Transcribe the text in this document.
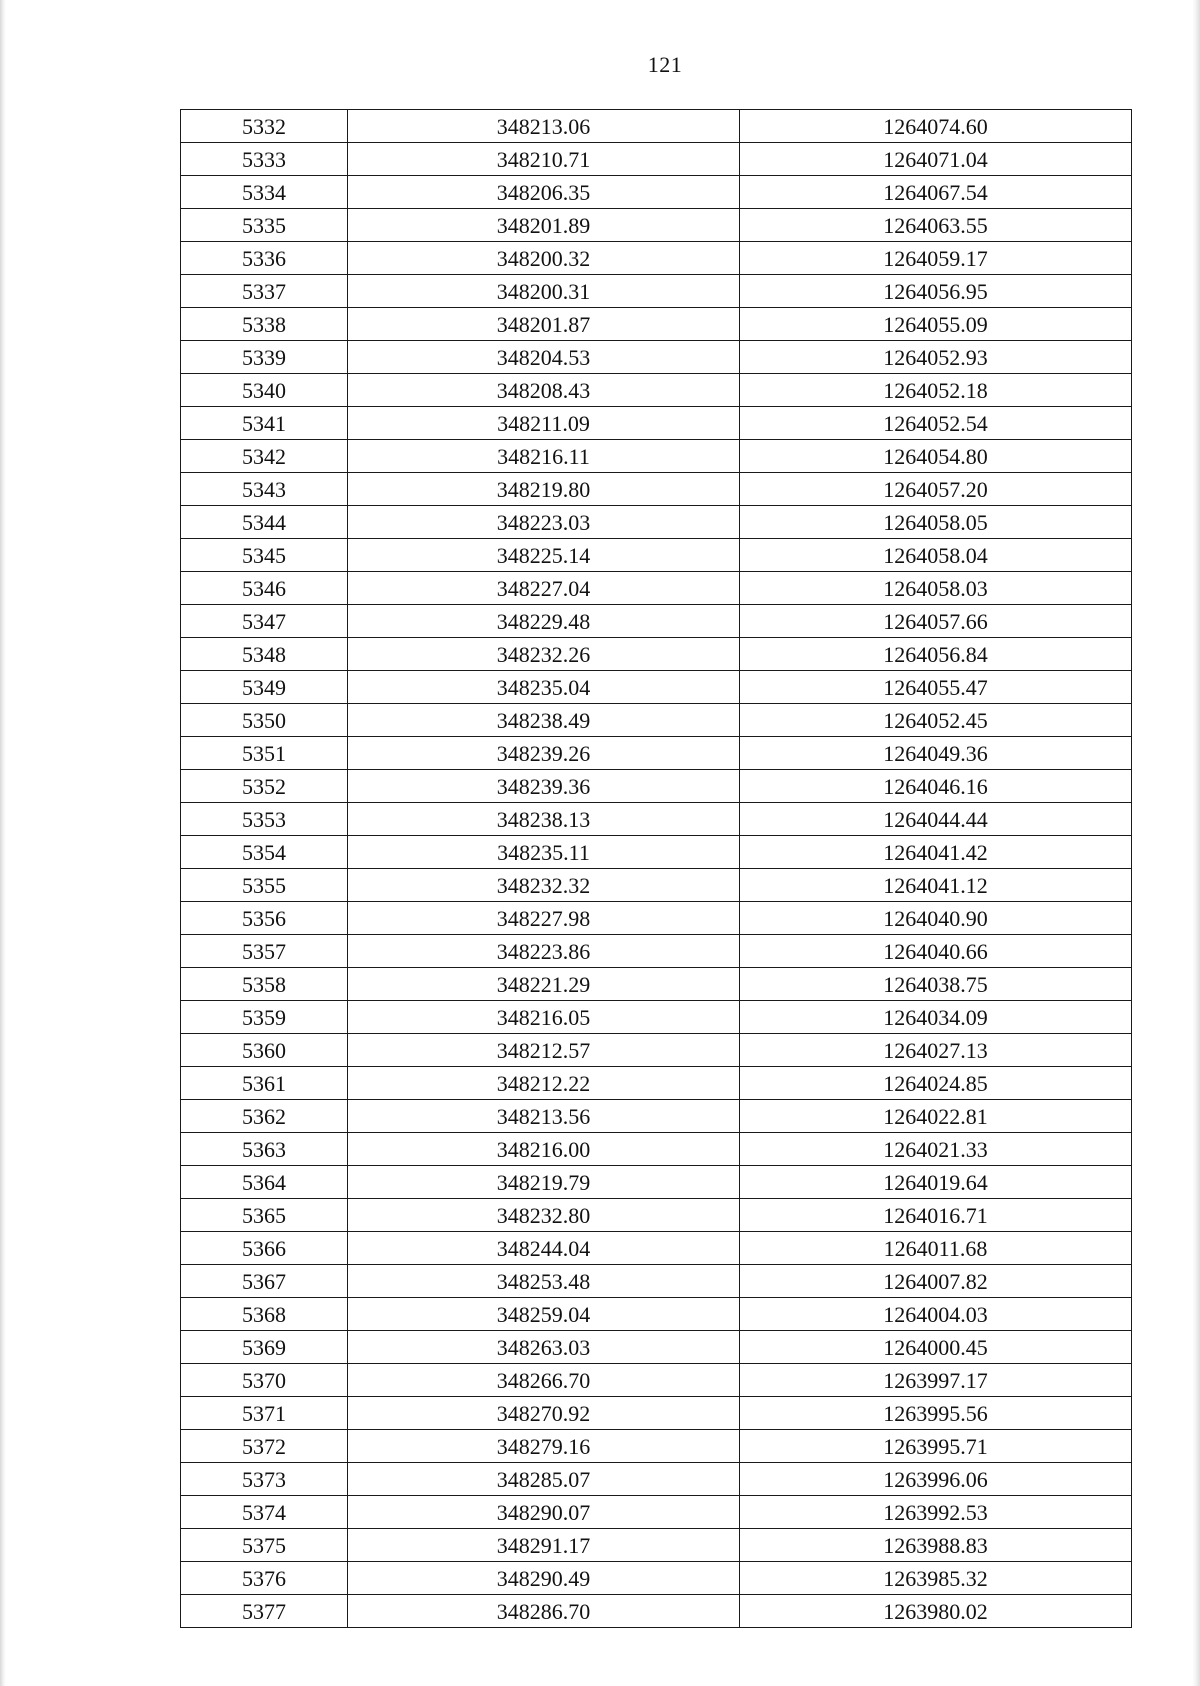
121
5332	348213.06	1264074.60
5333	348210.71	1264071.04
5334	348206.35	1264067.54
5335	348201.89	1264063.55
5336	348200.32	1264059.17
5337	348200.31	1264056.95
5338	348201.87	1264055.09
5339	348204.53	1264052.93
5340	348208.43	1264052.18
5341	348211.09	1264052.54
5342	348216.11	1264054.80
5343	348219.80	1264057.20
5344	348223.03	1264058.05
5345	348225.14	1264058.04
5346	348227.04	1264058.03
5347	348229.48	1264057.66
5348	348232.26	1264056.84
5349	348235.04	1264055.47
5350	348238.49	1264052.45
5351	348239.26	1264049.36
5352	348239.36	1264046.16
5353	348238.13	1264044.44
5354	348235.11	1264041.42
5355	348232.32	1264041.12
5356	348227.98	1264040.90
5357	348223.86	1264040.66
5358	348221.29	1264038.75
5359	348216.05	1264034.09
5360	348212.57	1264027.13
5361	348212.22	1264024.85
5362	348213.56	1264022.81
5363	348216.00	1264021.33
5364	348219.79	1264019.64
5365	348232.80	1264016.71
5366	348244.04	1264011.68
5367	348253.48	1264007.82
5368	348259.04	1264004.03
5369	348263.03	1264000.45
5370	348266.70	1263997.17
5371	348270.92	1263995.56
5372	348279.16	1263995.71
5373	348285.07	1263996.06
5374	348290.07	1263992.53
5375	348291.17	1263988.83
5376	348290.49	1263985.32
5377	348286.70	1263980.02
